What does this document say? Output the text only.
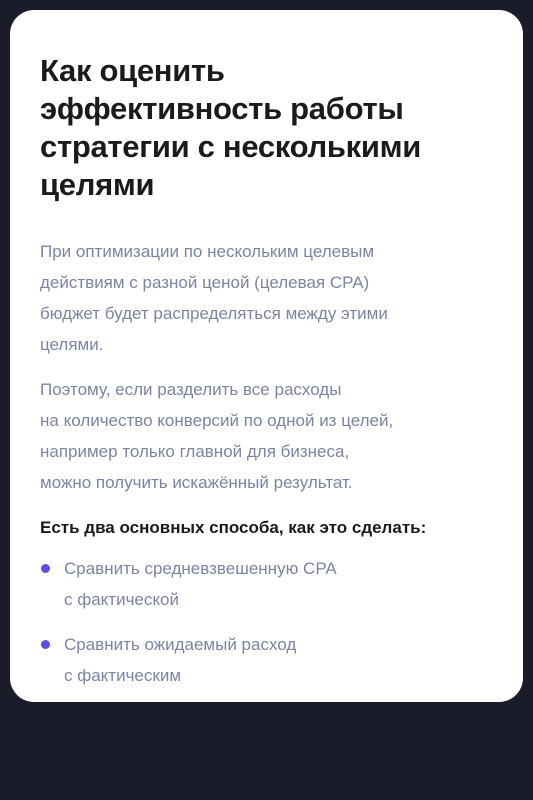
Как оценить
эффективность работы
стратегии с несколькими
целями

При оптимизации по нескольким целевым
действиям с разной ценой (целевая CPA)
бюджет будет распределяться между этими
целями.

Поэтому, если разделить все расходы
на количество конверсий по одной из целей,
например только главной для бизнеса,
можно получить искажённый результат.

Есть два основных способа, как это сделать:

Сравнить средневзвешенную CPA
с фактической
Сравнить ожидаемый расход
с фактическим
